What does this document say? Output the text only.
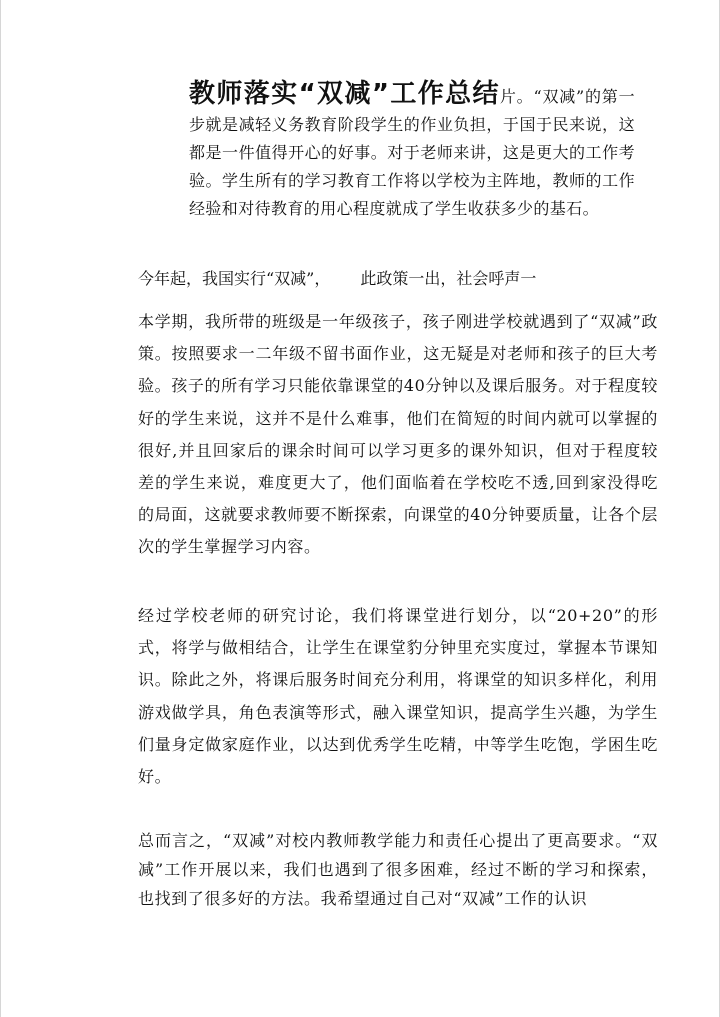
教师落实“双减”工作总结片。“双减”的第一步就是减轻义务教育阶段学生的作业负担，于国于民来说，这都是一件值得开心的好事。对于老师来讲，这是更大的工作考验。学生所有的学习教育工作将以学校为主阵地，教师的工作经验和对待教育的用心程度就成了学生收获多少的基石。
今年起，我国实行“双减”， 此政策一出，社会呼声一
本学期，我所带的班级是一年级孩子，孩子刚进学校就遇到了“双减”政策。按照要求一二年级不留书面作业，这无疑是对老师和孩子的巨大考验。孩子的所有学习只能依靠课堂的40分钟以及课后服务。对于程度较好的学生来说，这并不是什么难事，他们在简短的时间内就可以掌握的很好,并且回家后的课余时间可以学习更多的课外知识，但对于程度较差的学生来说，难度更大了，他们面临着在学校吃不透,回到家没得吃的局面，这就要求教师要不断探索，向课堂的40分钟要质量，让各个层次的学生掌握学习内容。
经过学校老师的研究讨论，我们将课堂进行划分，以“20+20”的形式，将学与做相结合，让学生在课堂豹分钟里充实度过，掌握本节课知识。除此之外，将课后服务时间充分利用，将课堂的知识多样化，利用游戏做学具，角色表演等形式，融入课堂知识，提高学生兴趣，为学生们量身定做家庭作业，以达到优秀学生吃精，中等学生吃饱，学困生吃好。
总而言之，“双减”对校内教师教学能力和责任心提出了更高要求。“双减”工作开展以来，我们也遇到了很多困难，经过不断的学习和探索，也找到了很多好的方法。我希望通过自己对“双减”工作的认识
